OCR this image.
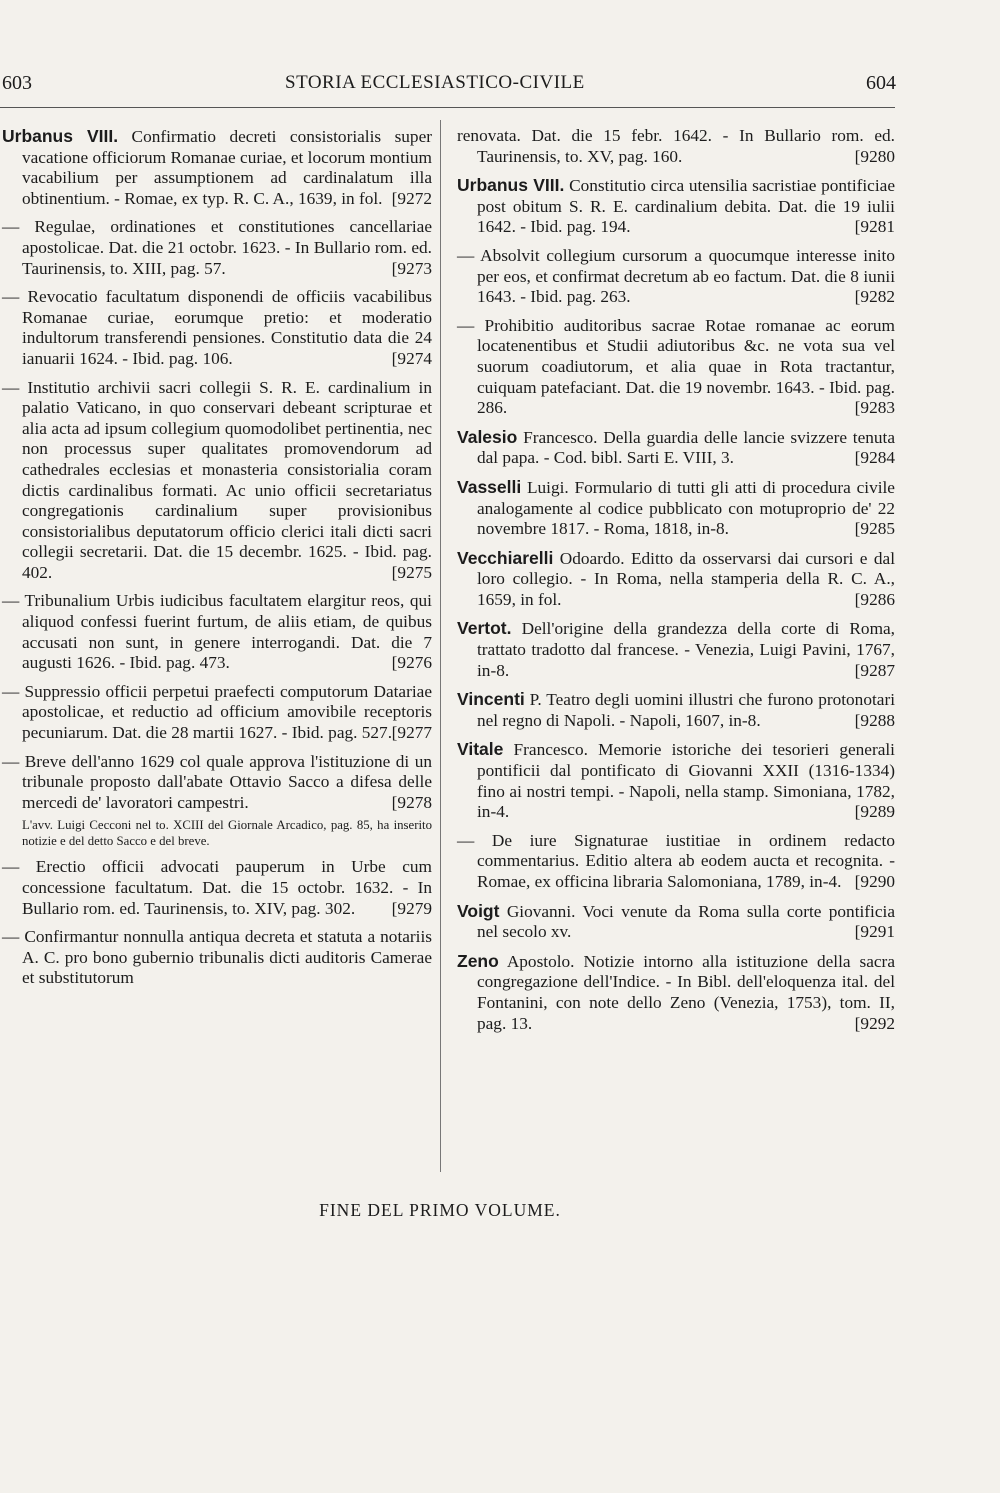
603	STORIA ECCLESIASTICO-CIVILE	604

Urbanus VIII. Confirmatio decreti consistorialis super vacatione officiorum Romanae curiae, et locorum montium vacabilium per assumptionem ad cardinalatum illa obtinentium. - Romae, ex typ. R. C. A., 1639, in fol. [9272

— Regulae, ordinationes et constitutiones cancellariae apostolicae. Dat. die 21 octobr. 1623. - In Bullario rom. ed. Taurinensis, to. XIII, pag. 57.	[9273

— Revocatio facultatum disponendi de officiis vacabilibus Romanae curiae, eorumque pretio: et moderatio indultorum transferendi pensiones. Constitutio data die 24 ianuarii 1624. - Ibid. pag. 106.	[9274

— Institutio archivii sacri collegii S. R. E. cardinalium in palatio Vaticano, in quo conservari debeant scripturae et alia acta ad ipsum collegium quomodolibet pertinentia, nec non processus super qualitates promovendorum ad cathedrales ecclesias et monasteria consistorialia coram dictis cardinalibus formati. Ac unio officii secretariatus congregationis cardinalium super provisionibus consistorialibus deputatorum officio clerici itali dicti sacri collegii secretarii. Dat. die 15 decembr. 1625. - Ibid. pag. 402.	[9275

— Tribunalium Urbis iudicibus facultatem elargitur reos, qui aliquod confessi fuerint furtum, de aliis etiam, de quibus accusati non sunt, in genere interrogandi. Dat. die 7 augusti 1626. - Ibid. pag. 473.	[9276

— Suppressio officii perpetui praefecti computorum Datariae apostolicae, et reductio ad officium amovibile receptoris pecuniarum. Dat. die 28 martii 1627. - Ibid. pag. 527. [9277

— Breve dell'anno 1629 col quale approva l'istituzione di un tribunale proposto dall'abate Ottavio Sacco a difesa delle mercedi de' lavoratori campestri.	[9278

L'avv. Luigi Cecconi nel to. XCIII del Giornale Arcadico, pag. 85, ha inserito notizie e del detto Sacco e del breve.

— Erectio officii advocati pauperum in Urbe cum concessione facultatum. Dat. die 15 octobr. 1632. - In Bullario rom. ed. Taurinensis, to. XIV, pag. 302. [9279

— Confirmantur nonnulla antiqua decreta et statuta a notariis A. C. pro bono gubernio tribunalis dicti auditoris Camerae et substitutorum

renovata. Dat. die 15 febr. 1642. - In Bullario rom. ed. Taurinensis, to. XV, pag. 160.	[9280

Urbanus VIII. Constitutio circa utensilia sacristiae pontificiae post obitum S. R. E. cardinalium debita. Dat. die 19 iulii 1642. - Ibid. pag. 194.	[9281

— Absolvit collegium cursorum a quocumque interesse inito per eos, et confirmat decretum ab eo factum. Dat. die 8 iunii 1643. - Ibid. pag. 263.	[9282

— Prohibitio auditoribus sacrae Rotae romanae ac eorum locatenentibus et Studii adiutoribus &c. ne vota sua vel suorum coadiutorum, et alia quae in Rota tractantur, cuiquam patefaciant. Dat. die 19 novembr. 1643. - Ibid. pag. 286.	[9283

Valesio Francesco. Della guardia delle lancie svizzere tenuta dal papa. - Cod. bibl. Sarti E. VIII, 3.	[9284

Vasselli Luigi. Formulario di tutti gli atti di procedura civile analogamente al codice pubblicato con motuproprio de' 22 novembre 1817. - Roma, 1818, in-8.	[9285

Vecchiarelli Odoardo. Editto da osservarsi dai cursori e dal loro collegio. - In Roma, nella stamperia della R. C. A., 1659, in fol.	[9286

Vertot. Dell'origine della grandezza della corte di Roma, trattato tradotto dal francese. - Venezia, Luigi Pavini, 1767, in-8.	[9287

Vincenti P. Teatro degli uomini illustri che furono protonotari nel regno di Napoli. - Napoli, 1607, in-8.	[9288

Vitale Francesco. Memorie istoriche dei tesorieri generali pontificii dal pontificato di Giovanni XXII (1316-1334) fino ai nostri tempi. - Napoli, nella stamp. Simoniana, 1782, in-4.	[9289

— De iure Signaturae iustitiae in ordinem redacto commentarius. Editio altera ab eodem aucta et recognita. - Romae, ex officina libraria Salomoniana, 1789, in-4. [9290

Voigt Giovanni. Voci venute da Roma sulla corte pontificia nel secolo xv.	[9291

Zeno Apostolo. Notizie intorno alla istituzione della sacra congregazione dell'Indice. - In Bibl. dell'eloquenza ital. del Fontanini, con note dello Zeno (Venezia, 1753), tom. II, pag. 13.	[9292

FINE DEL PRIMO VOLUME.
